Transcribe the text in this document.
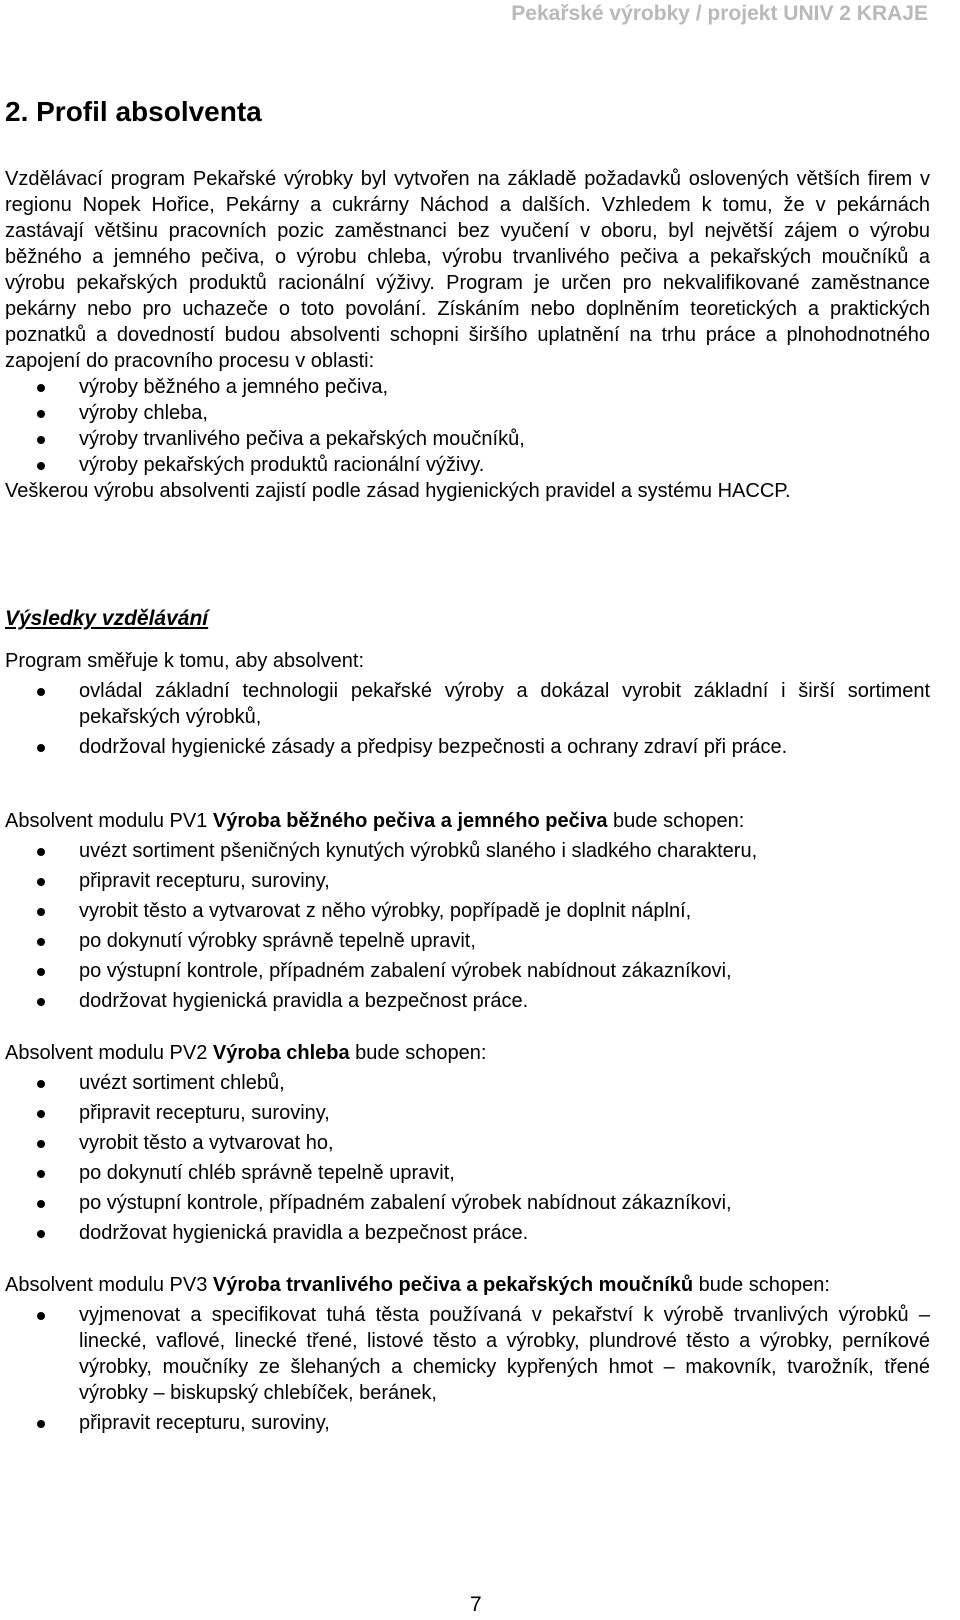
Pekařské výrobky / projekt UNIV 2 KRAJE
2. Profil absolventa
Vzdělávací program Pekařské výrobky byl vytvořen na základě požadavků oslovených větších firem v regionu Nopek Hořice, Pekárny a cukrárny Náchod a dalších. Vzhledem k tomu, že v pekárnách zastávají většinu pracovních pozic zaměstnanci bez vyučení v oboru, byl největší zájem o výrobu běžného a jemného pečiva, o výrobu chleba, výrobu trvanlivého pečiva a pekařských moučníků a výrobu pekařských produktů racionální výživy. Program je určen pro nekvalifikované zaměstnance pekárny nebo pro uchazeče o toto povolání. Získáním nebo doplněním teoretických a praktických poznatků a dovedností budou absolventi schopni širšího uplatnění na trhu práce a plnohodnotného zapojení do pracovního procesu v oblasti:
výroby běžného a jemného pečiva,
výroby chleba,
výroby trvanlivého pečiva a pekařských moučníků,
výroby pekařských produktů racionální výživy.
Veškerou výrobu absolventi zajistí podle zásad hygienických pravidel a systému HACCP.
Výsledky vzdělávání
Program směřuje k tomu, aby absolvent:
ovládal základní technologii pekařské výroby a dokázal vyrobit základní i širší sortiment pekařských výrobků,
dodržoval hygienické zásady a předpisy bezpečnosti a ochrany zdraví při práce.
Absolvent modulu PV1 Výroba běžného pečiva a jemného pečiva bude schopen:
uvézt sortiment pšeničných kynutých výrobků slaného i sladkého charakteru,
připravit recepturu, suroviny,
vyrobit těsto a vytvarovat z něho výrobky, popřípadě je doplnit náplní,
po dokynutí výrobky správně tepelně upravit,
po výstupní kontrole, případném zabalení výrobek nabídnout zákazníkovi,
dodržovat hygienická pravidla a bezpečnost práce.
Absolvent modulu PV2 Výroba chleba bude schopen:
uvézt sortiment chlebů,
připravit recepturu, suroviny,
vyrobit těsto a vytvarovat ho,
po dokynutí chléb správně tepelně upravit,
po výstupní kontrole, případném zabalení výrobek nabídnout zákazníkovi,
dodržovat hygienická pravidla a bezpečnost práce.
Absolvent modulu PV3 Výroba trvanlivého pečiva a pekařských moučníků bude schopen:
vyjmenovat a specifikovat tuhá těsta používaná v pekařství k výrobě trvanlivých výrobků – linecké, vaflové, linecké třené, listové těsto a výrobky, plundrové těsto a výrobky, perníkové výrobky, moučníky ze šlehaných a chemicky kypřených hmot – makovník, tvarožník, třené výrobky – biskupský chlebíček, beránek,
připravit recepturu, suroviny,
7
